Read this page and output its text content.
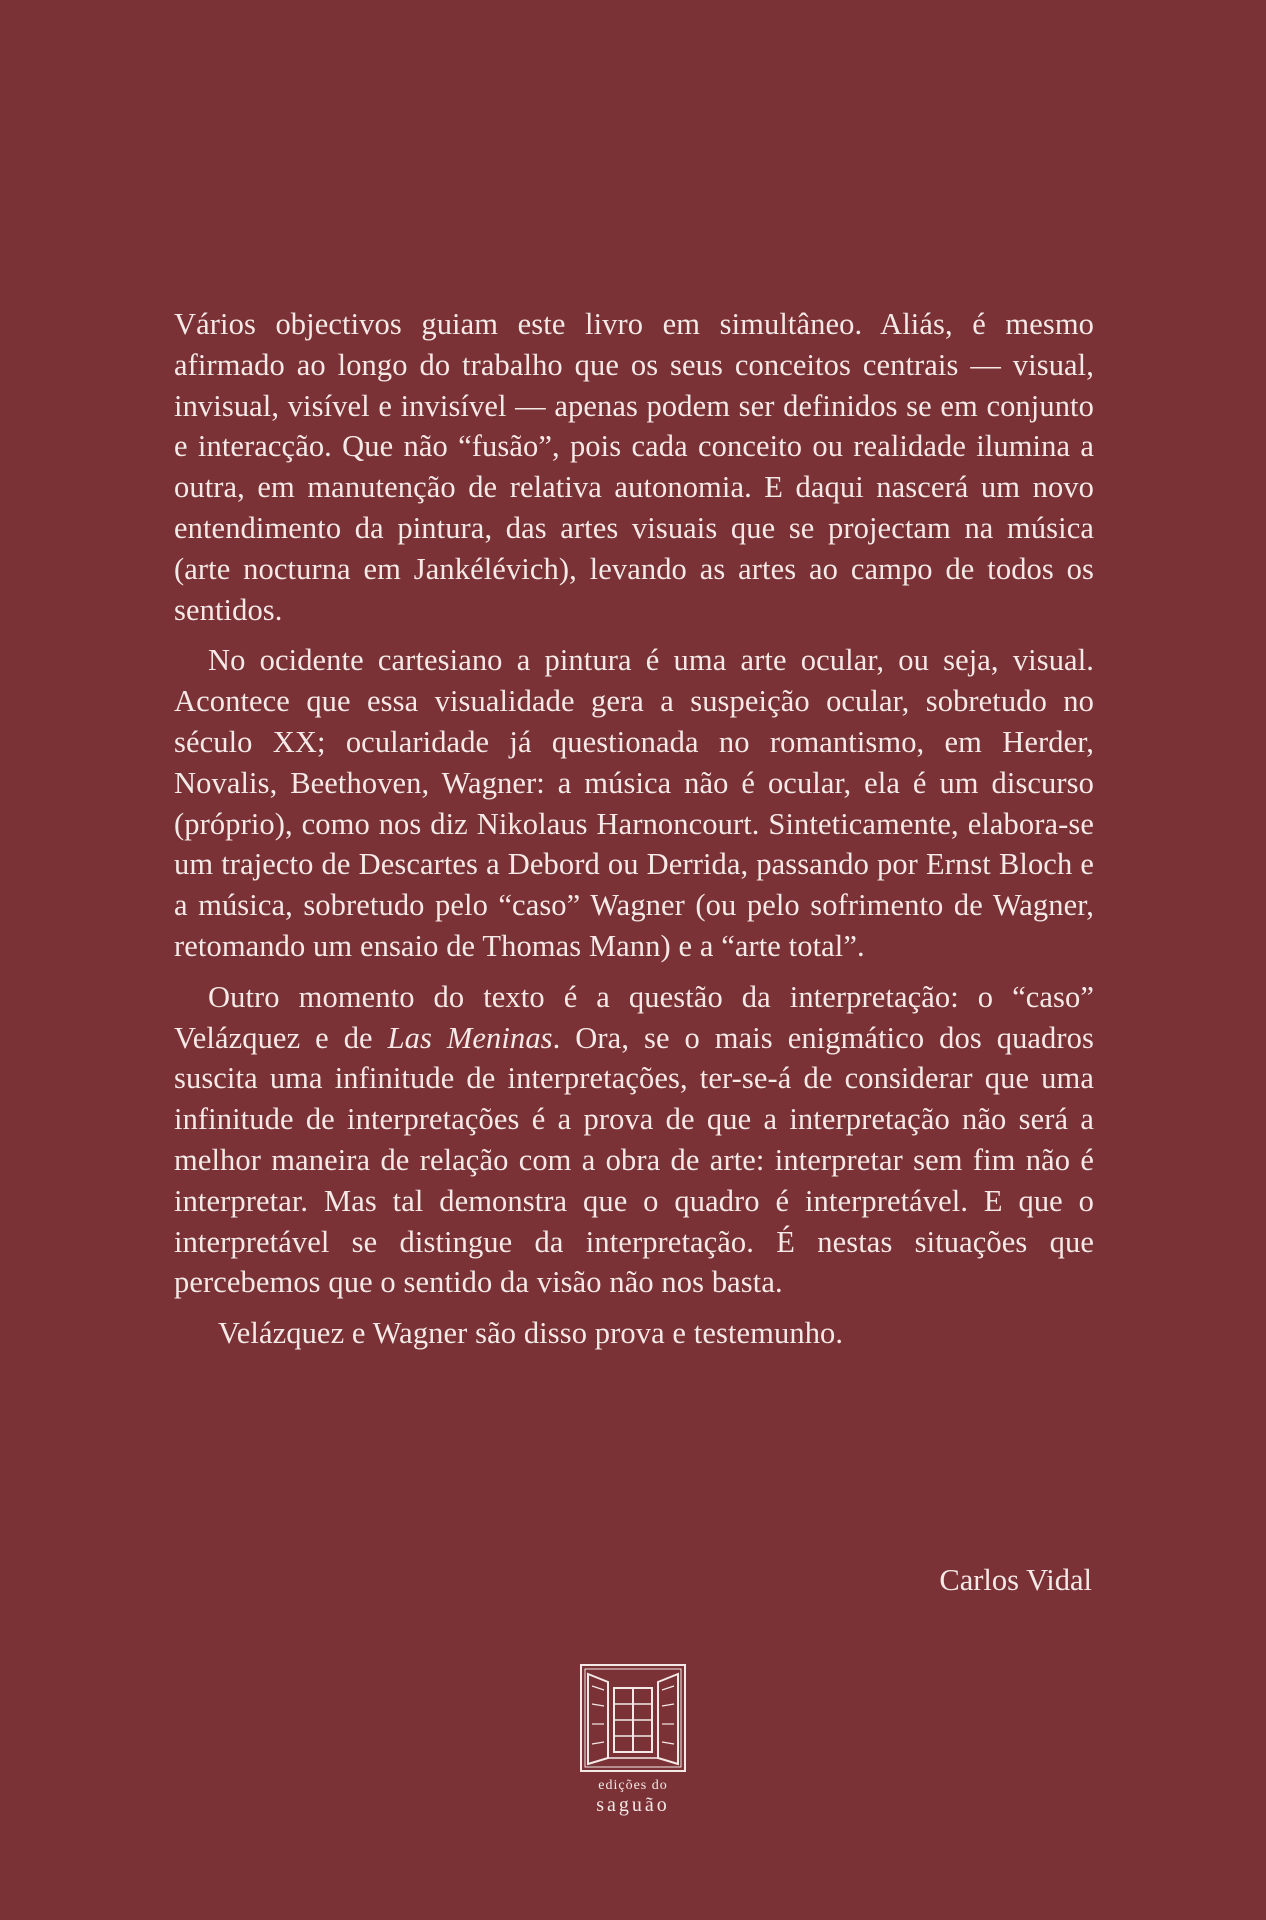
Vários objectivos guiam este livro em simultâneo. Aliás, é mesmo afirmado ao longo do trabalho que os seus conceitos centrais — visual, invisual, visível e invisível — apenas podem ser definidos se em conjunto e interacção. Que não “fusão”, pois cada conceito ou realidade ilumina a outra, em manutenção de relativa autonomia. E daqui nascerá um novo entendimento da pintura, das artes visuais que se projectam na música (arte nocturna em Jankélévich), levando as artes ao campo de todos os sentidos.

No ocidente cartesiano a pintura é uma arte ocular, ou seja, visual. Acontece que essa visualidade gera a suspeição ocular, sobretudo no século XX; ocularidade já questionada no romantismo, em Herder, Novalis, Beethoven, Wagner: a música não é ocular, ela é um discurso (próprio), como nos diz Nikolaus Harnoncourt. Sinteticamente, elabora-se um trajecto de Descartes a Debord ou Derrida, passando por Ernst Bloch e a música, sobretudo pelo “caso” Wagner (ou pelo sofrimento de Wagner, retomando um ensaio de Thomas Mann) e a “arte total”.

Outro momento do texto é a questão da interpretação: o “caso” Velázquez e de Las Meninas. Ora, se o mais enigmático dos quadros suscita uma infinitude de interpretações, ter-se-á de considerar que uma infinitude de interpretações é a prova de que a interpretação não será a melhor maneira de relação com a obra de arte: interpretar sem fim não é interpretar. Mas tal demonstra que o quadro é interpretável. E que o interpretável se distingue da interpretação. É nestas situações que percebemos que o sentido da visão não nos basta.

Velázquez e Wagner são disso prova e testemunho.

Carlos Vidal
edições do
saguão
